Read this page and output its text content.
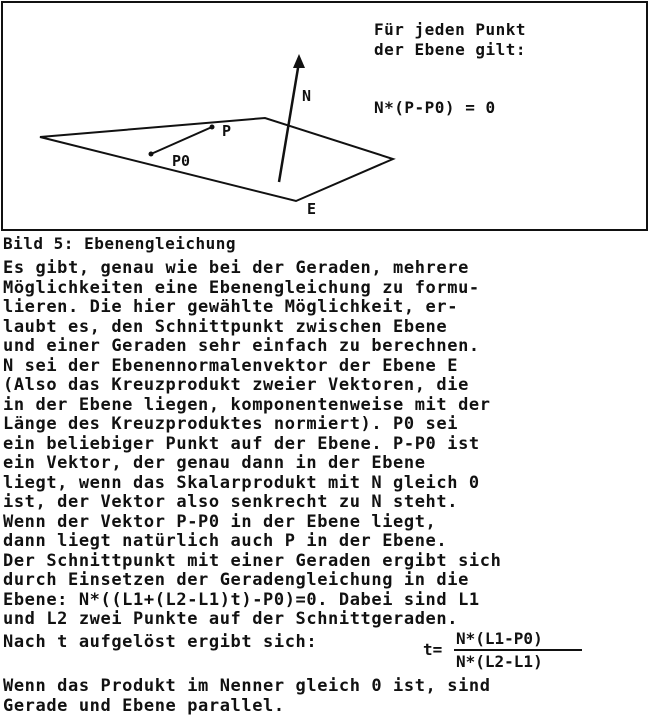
N
P
P0
E
Für jeden Punkt
der Ebene gilt:
N*(P-P0) = 0
Bild 5: Ebenengleichung
Es gibt, genau wie bei der Geraden, mehrere
Möglichkeiten eine Ebenengleichung zu formu-
lieren. Die hier gewählte Möglichkeit, er-
laubt es, den Schnittpunkt zwischen Ebene
und einer Geraden sehr einfach zu berechnen.
N sei der Ebenennormalenvektor der Ebene E
(Also das Kreuzprodukt zweier Vektoren, die
in der Ebene liegen, komponentenweise mit der
Länge des Kreuzproduktes normiert). P0 sei
ein beliebiger Punkt auf der Ebene. P-P0 ist
ein Vektor, der genau dann in der Ebene
liegt, wenn das Skalarprodukt mit N gleich 0
ist, der Vektor also senkrecht zu N steht.
Wenn der Vektor P-P0 in der Ebene liegt,
dann liegt natürlich auch P in der Ebene.
Der Schnittpunkt mit einer Geraden ergibt sich
durch Einsetzen der Geradengleichung in die
Ebene: N*((L1+(L2-L1)t)-P0)=0. Dabei sind L1
und L2 zwei Punkte auf der Schnittgeraden.
Nach t aufgelöst ergibt sich:	t=
N*(L1-P0)
N*(L2-L1)
Wenn das Produkt im Nenner gleich 0 ist, sind
Gerade und Ebene parallel.
